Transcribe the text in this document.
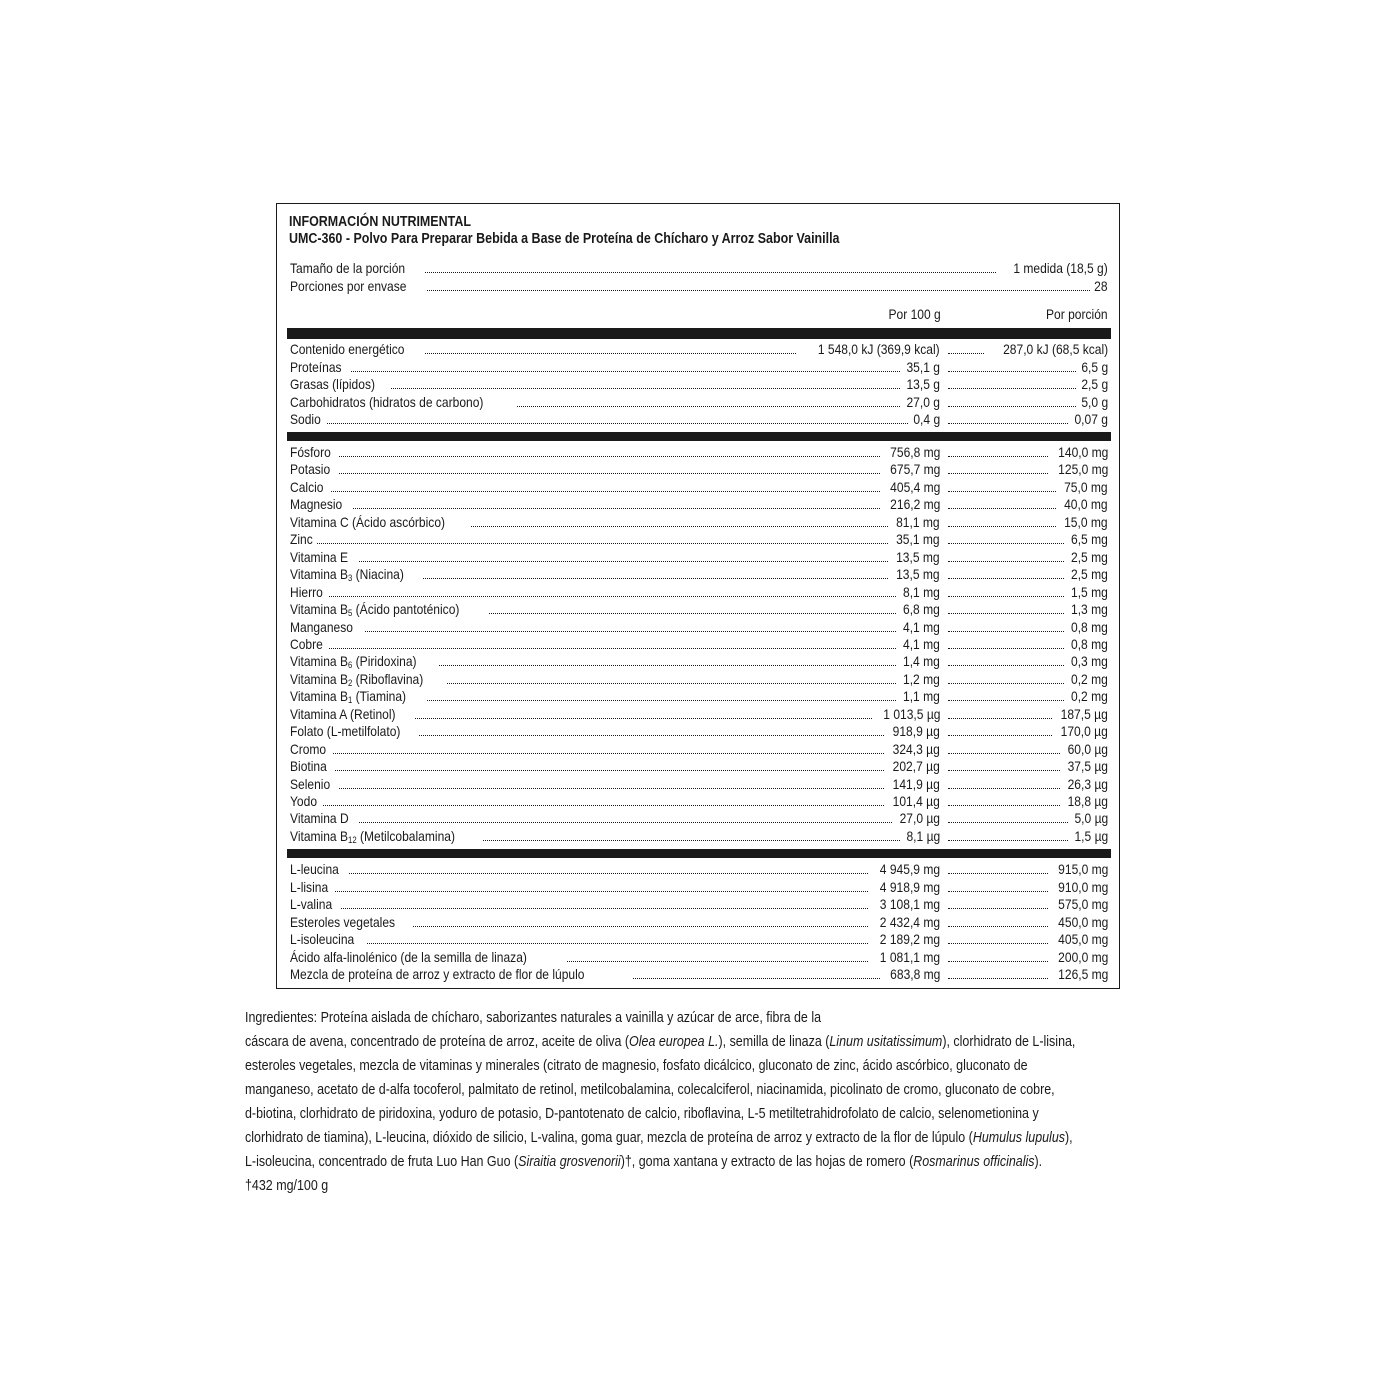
INFORMACIÓN NUTRIMENTAL
UMC-360 - Polvo Para Preparar Bebida a Base de Proteína de Chícharo y Arroz Sabor Vainilla
Tamaño de la porción	1 medida (18,5 g)
Porciones por envase	28
Por 100 g	Por porción
Contenido energético	1 548,0 kJ (369,9 kcal)	287,0 kJ (68,5 kcal)
Proteínas	35,1 g	6,5 g
Grasas (lípidos)	13,5 g	2,5 g
Carbohidratos (hidratos de carbono)	27,0 g	5,0 g
Sodio	0,4 g	0,07 g
Fósforo	756,8 mg	140,0 mg
Potasio	675,7 mg	125,0 mg
Calcio	405,4 mg	75,0 mg
Magnesio	216,2 mg	40,0 mg
Vitamina C (Ácido ascórbico)	81,1 mg	15,0 mg
Zinc	35,1 mg	6,5 mg
Vitamina E	13,5 mg	2,5 mg
Vitamina $B_3$ (Niacina)	13,5 mg	2,5 mg
Hierro	8,1 mg	1,5 mg
Vitamina $B_5$ (Ácido pantoténico)	6,8 mg	1,3 mg
Manganeso	4,1 mg	0,8 mg
Cobre	4,1 mg	0,8 mg
Vitamina $B_6$ (Piridoxina)	1,4 mg	0,3 mg
Vitamina $B_2$ (Riboflavina)	1,2 mg	0,2 mg
Vitamina $B_1$ (Tiamina)	1,1 mg	0,2 mg
Vitamina A (Retinol)	1 013,5 µg	187,5 µg
Folato (L-metilfolato)	918,9 µg	170,0 µg
Cromo	324,3 µg	60,0 µg
Biotina	202,7 µg	37,5 µg
Selenio	141,9 µg	26,3 µg
Yodo	101,4 µg	18,8 µg
Vitamina D	27,0 µg	5,0 µg
Vitamina $B_{12}$ (Metilcobalamina)	8,1 µg	1,5 µg
L-leucina	4 945,9 mg	915,0 mg
L-lisina	4 918,9 mg	910,0 mg
L-valina	3 108,1 mg	575,0 mg
Esteroles vegetales	2 432,4 mg	450,0 mg
L-isoleucina	2 189,2 mg	405,0 mg
Ácido alfa-linolénico (de la semilla de linaza)	1 081,1 mg	200,0 mg
Mezcla de proteína de arroz y extracto de flor de lúpulo	683,8 mg	126,5 mg
Ingredientes: Proteína aislada de chícharo, saborizantes naturales a vainilla y azúcar de arce, fibra de la
cáscara de avena, concentrado de proteína de arroz, aceite de oliva (Olea europea L.), semilla de linaza (Linum usitatissimum), clorhidrato de L-lisina,
esteroles vegetales, mezcla de vitaminas y minerales (citrato de magnesio, fosfato dicálcico, gluconato de zinc, ácido ascórbico, gluconato de
manganeso, acetato de d-alfa tocoferol, palmitato de retinol, metilcobalamina, colecalciferol, niacinamida, picolinato de cromo, gluconato de cobre,
d-biotina, clorhidrato de piridoxina, yoduro de potasio, D-pantotenato de calcio, riboflavina, L-5 metiltetrahidrofolato de calcio, selenometionina y
clorhidrato de tiamina), L-leucina, dióxido de silicio, L-valina, goma guar, mezcla de proteína de arroz y extracto de la flor de lúpulo (Humulus lupulus),
L-isoleucina, concentrado de fruta Luo Han Guo (Siraitia grosvenorii)†, goma xantana y extracto de las hojas de romero (Rosmarinus officinalis).
†432 mg/100 g
